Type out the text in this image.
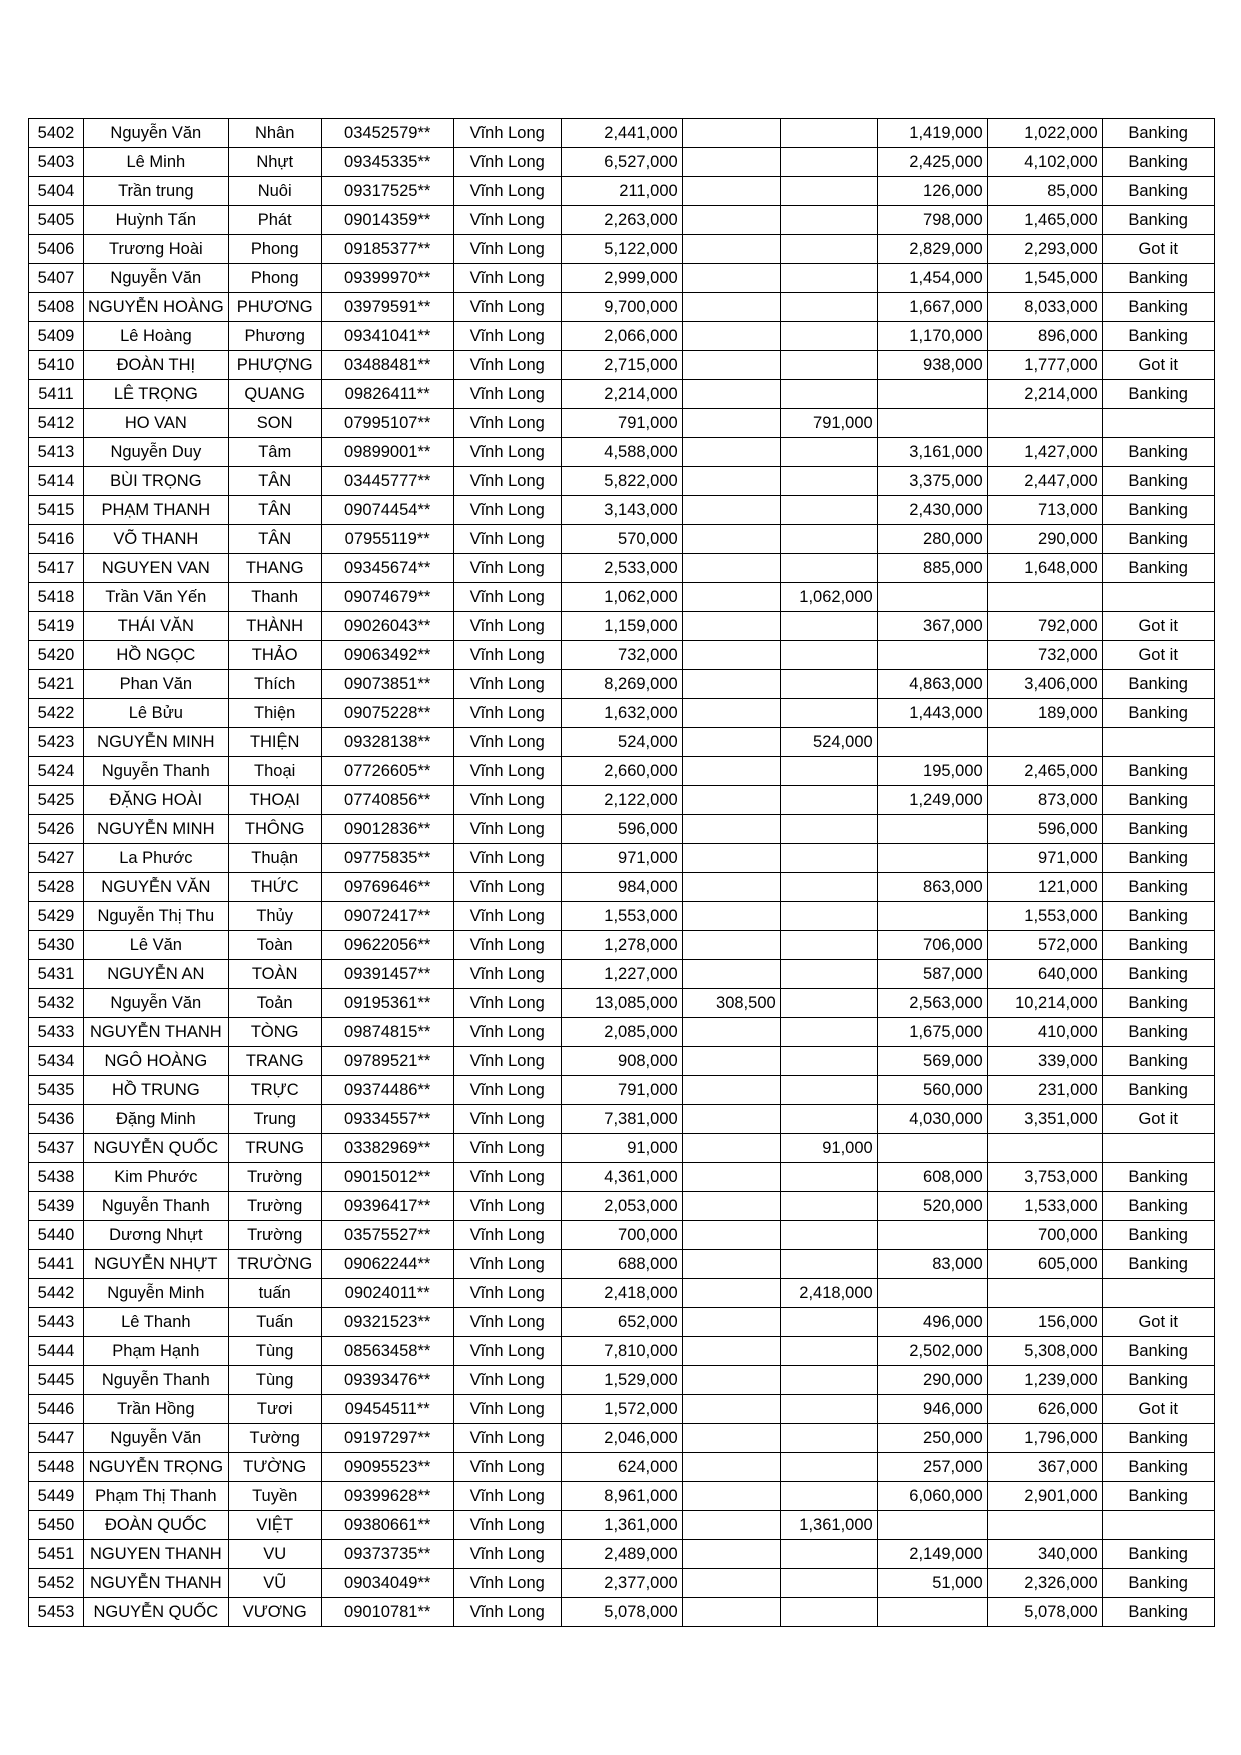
5402	Nguyễn Văn	Nhân	03452579**	Vĩnh Long	2,441,000			1,419,000	1,022,000	Banking
5403	Lê Minh	Nhựt	09345335**	Vĩnh Long	6,527,000			2,425,000	4,102,000	Banking
5404	Trần trung	Nuôi	09317525**	Vĩnh Long	211,000			126,000	85,000	Banking
5405	Huỳnh Tấn	Phát	09014359**	Vĩnh Long	2,263,000			798,000	1,465,000	Banking
5406	Trương Hoài	Phong	09185377**	Vĩnh Long	5,122,000			2,829,000	2,293,000	Got it
5407	Nguyễn Văn	Phong	09399970**	Vĩnh Long	2,999,000			1,454,000	1,545,000	Banking
5408	NGUYỄN HOÀNG	PHƯƠNG	03979591**	Vĩnh Long	9,700,000			1,667,000	8,033,000	Banking
5409	Lê Hoàng	Phương	09341041**	Vĩnh Long	2,066,000			1,170,000	896,000	Banking
5410	ĐOÀN THỊ	PHƯỢNG	03488481**	Vĩnh Long	2,715,000			938,000	1,777,000	Got it
5411	LÊ TRỌNG	QUANG	09826411**	Vĩnh Long	2,214,000				2,214,000	Banking
5412	HO VAN	SON	07995107**	Vĩnh Long	791,000		791,000			
5413	Nguyễn Duy	Tâm	09899001**	Vĩnh Long	4,588,000			3,161,000	1,427,000	Banking
5414	BÙI TRỌNG	TÂN	03445777**	Vĩnh Long	5,822,000			3,375,000	2,447,000	Banking
5415	PHẠM THANH	TÂN	09074454**	Vĩnh Long	3,143,000			2,430,000	713,000	Banking
5416	VÕ THANH	TÂN	07955119**	Vĩnh Long	570,000			280,000	290,000	Banking
5417	NGUYEN VAN	THANG	09345674**	Vĩnh Long	2,533,000			885,000	1,648,000	Banking
5418	Trần Văn Yến	Thanh	09074679**	Vĩnh Long	1,062,000		1,062,000			
5419	THÁI VĂN	THÀNH	09026043**	Vĩnh Long	1,159,000			367,000	792,000	Got it
5420	HỒ NGỌC	THẢO	09063492**	Vĩnh Long	732,000				732,000	Got it
5421	Phan Văn	Thích	09073851**	Vĩnh Long	8,269,000			4,863,000	3,406,000	Banking
5422	Lê Bửu	Thiện	09075228**	Vĩnh Long	1,632,000			1,443,000	189,000	Banking
5423	NGUYỄN MINH	THIỆN	09328138**	Vĩnh Long	524,000		524,000			
5424	Nguyễn Thanh	Thoại	07726605**	Vĩnh Long	2,660,000			195,000	2,465,000	Banking
5425	ĐẶNG HOÀI	THOẠI	07740856**	Vĩnh Long	2,122,000			1,249,000	873,000	Banking
5426	NGUYỄN MINH	THÔNG	09012836**	Vĩnh Long	596,000				596,000	Banking
5427	La Phước	Thuận	09775835**	Vĩnh Long	971,000				971,000	Banking
5428	NGUYỄN VĂN	THỨC	09769646**	Vĩnh Long	984,000			863,000	121,000	Banking
5429	Nguyễn Thị Thu	Thủy	09072417**	Vĩnh Long	1,553,000				1,553,000	Banking
5430	Lê Văn	Toàn	09622056**	Vĩnh Long	1,278,000			706,000	572,000	Banking
5431	NGUYỄN AN	TOÀN	09391457**	Vĩnh Long	1,227,000			587,000	640,000	Banking
5432	Nguyễn Văn	Toản	09195361**	Vĩnh Long	13,085,000	308,500		2,563,000	10,214,000	Banking
5433	NGUYỄN THANH	TÒNG	09874815**	Vĩnh Long	2,085,000			1,675,000	410,000	Banking
5434	NGÔ HOÀNG	TRANG	09789521**	Vĩnh Long	908,000			569,000	339,000	Banking
5435	HỒ TRUNG	TRỰC	09374486**	Vĩnh Long	791,000			560,000	231,000	Banking
5436	Đặng Minh	Trung	09334557**	Vĩnh Long	7,381,000			4,030,000	3,351,000	Got it
5437	NGUYỄN QUỐC	TRUNG	03382969**	Vĩnh Long	91,000		91,000			
5438	Kim Phước	Trường	09015012**	Vĩnh Long	4,361,000			608,000	3,753,000	Banking
5439	Nguyễn Thanh	Trường	09396417**	Vĩnh Long	2,053,000			520,000	1,533,000	Banking
5440	Dương Nhựt	Trường	03575527**	Vĩnh Long	700,000				700,000	Banking
5441	NGUYỄN NHỰT	TRƯỜNG	09062244**	Vĩnh Long	688,000			83,000	605,000	Banking
5442	Nguyễn Minh	tuấn	09024011**	Vĩnh Long	2,418,000		2,418,000			
5443	Lê Thanh	Tuấn	09321523**	Vĩnh Long	652,000			496,000	156,000	Got it
5444	Phạm Hạnh	Tùng	08563458**	Vĩnh Long	7,810,000			2,502,000	5,308,000	Banking
5445	Nguyễn Thanh	Tùng	09393476**	Vĩnh Long	1,529,000			290,000	1,239,000	Banking
5446	Trần Hồng	Tươi	09454511**	Vĩnh Long	1,572,000			946,000	626,000	Got it
5447	Nguyễn Văn	Tường	09197297**	Vĩnh Long	2,046,000			250,000	1,796,000	Banking
5448	NGUYỄN TRỌNG	TƯỜNG	09095523**	Vĩnh Long	624,000			257,000	367,000	Banking
5449	Phạm Thị Thanh	Tuyền	09399628**	Vĩnh Long	8,961,000			6,060,000	2,901,000	Banking
5450	ĐOÀN QUỐC	VIỆT	09380661**	Vĩnh Long	1,361,000		1,361,000			
5451	NGUYEN THANH	VU	09373735**	Vĩnh Long	2,489,000			2,149,000	340,000	Banking
5452	NGUYỄN THANH	VŨ	09034049**	Vĩnh Long	2,377,000			51,000	2,326,000	Banking
5453	NGUYỄN QUỐC	VƯƠNG	09010781**	Vĩnh Long	5,078,000				5,078,000	Banking
